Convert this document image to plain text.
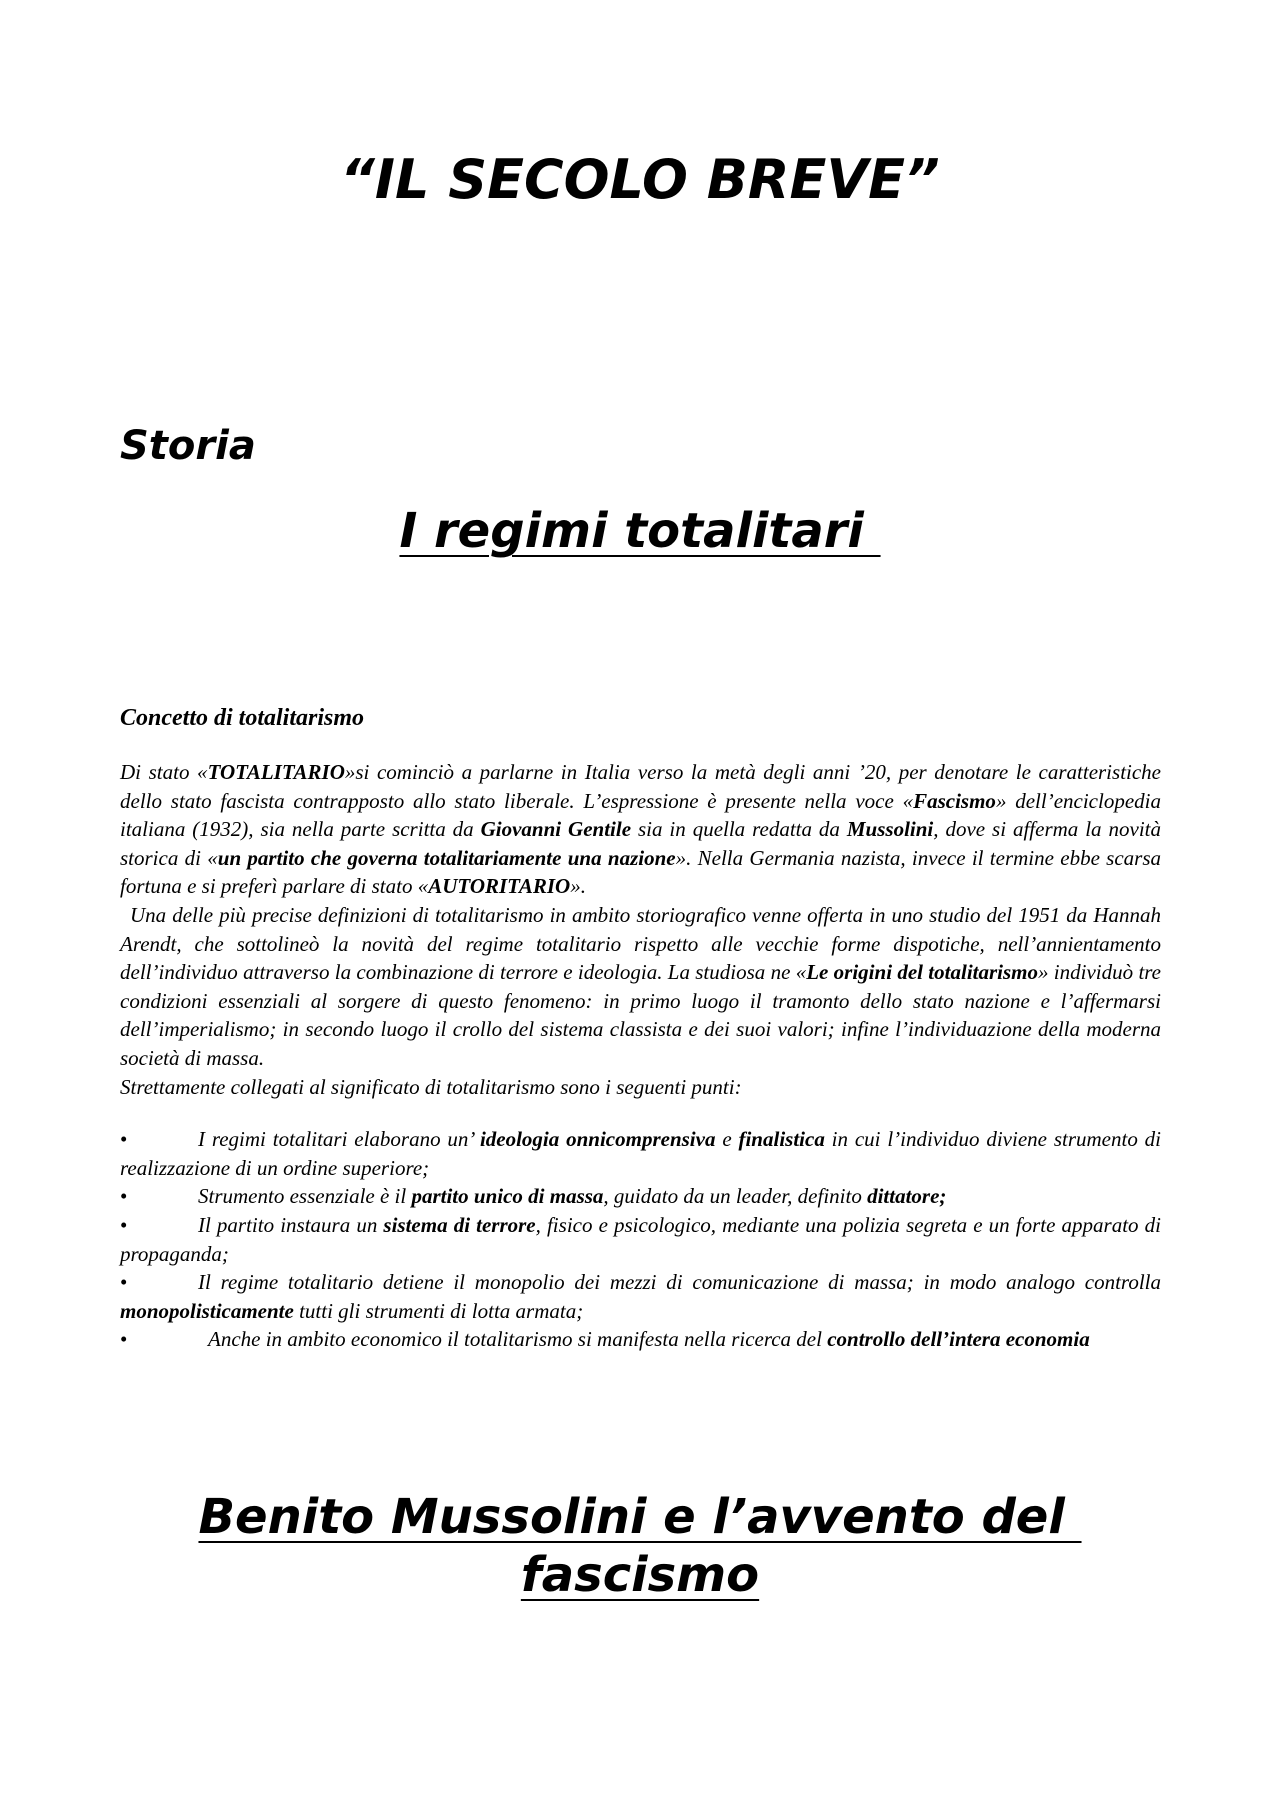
“IL SECOLO BREVE”
Storia
I regimi totalitari
Concetto di totalitarismo

Di stato «TOTALITARIO»si cominciò a parlarne in Italia verso la metà degli anni ’20, per denotare le caratteristiche dello stato fascista contrapposto allo stato liberale. L’espressione è presente nella voce «Fascismo» dell’enciclopedia italiana (1932), sia nella parte scritta da Giovanni Gentile sia in quella redatta da Mussolini, dove si afferma la novità storica di «un partito che governa totalitariamente una nazione». Nella Germania nazista, invece il termine ebbe scarsa fortuna e si preferì parlare di stato «AUTORITARIO».

Una delle più precise definizioni di totalitarismo in ambito storiografico venne offerta in uno studio del 1951 da Hannah Arendt, che sottolineò la novità del regime totalitario rispetto alle vecchie forme dispotiche, nell’annientamento dell’individuo attraverso la combinazione di terrore e ideologia. La studiosa ne «Le origini del totalitarismo» individuò tre condizioni essenziali al sorgere di questo fenomeno: in primo luogo il tramonto dello stato nazione e l’affermarsi dell’imperialismo; in secondo luogo il crollo del sistema classista e dei suoi valori; infine l’individuazione della moderna società di massa.

Strettamente collegati al significato di totalitarismo sono i seguenti punti:

•	I regimi totalitari elaborano un’ ideologia onnicomprensiva e finalistica in cui l’individuo diviene strumento di realizzazione di un ordine superiore;
•	Strumento essenziale è il partito unico di massa, guidato da un leader, definito dittatore;
•	Il partito instaura un sistema di terrore, fisico e psicologico, mediante una polizia segreta e un forte apparato di propaganda;
•	Il regime totalitario detiene il monopolio dei mezzi di comunicazione di massa; in modo analogo controlla monopolisticamente tutti gli strumenti di lotta armata;
•	Anche in ambito economico il totalitarismo si manifesta nella ricerca del controllo dell’intera economia
Benito Mussolini e l’avvento del
fascismo
